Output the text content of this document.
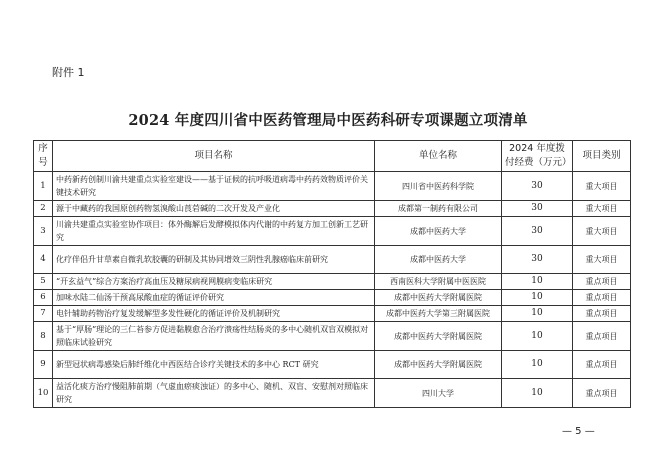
附件 1
2024 年度四川省中医药管理局中医药科研专项课题立项清单
序号	项目名称	单位名称	2024 年度拨付经费（万元）	项目类别
1	中药新药创制川渝共建重点实验室建设——基于证候的抗呼吸道病毒中药药效物质评价关键技术研究	四川省中医药科学院	30	重大项目
2	源于中藏药的我国原创药物氢溴酸山莨菪碱的二次开发及产业化	成都第一制药有限公司	30	重大项目
3	川渝共建重点实验室协作项目：体外酶解后发酵模拟体内代谢的中药复方加工创新工艺研究	成都中医药大学	30	重大项目
4	化疗伴侣升甘草素自微乳软胶囊的研制及其协同增效三阴性乳腺癌临床前研究	成都中医药大学	30	重大项目
5	“开玄益气”综合方案治疗高血压及糖尿病视网膜病变临床研究	西南医科大学附属中医医院	10	重点项目
6	加味水陆二仙汤干预高尿酸血症的循证评价研究	成都中医药大学附属医院	10	重点项目
7	电针辅助药物治疗复发缓解型多发性硬化的循证评价及机制研究	成都中医药大学第三附属医院	10	重点项目
8	基于“厚肠”理论的三仁苔参方促进黏膜愈合治疗溃疡性结肠炎的多中心随机双盲双模拟对照临床试验研究	成都中医药大学附属医院	10	重点项目
9	新型冠状病毒感染后肺纤维化中西医结合诊疗关键技术的多中心 RCT 研究	成都中医药大学附属医院	10	重点项目
10	益活化痰方治疗慢阻肺前期（气虚血瘀痰浊证）的多中心、随机、双盲、安慰剂对照临床研究	四川大学	10	重点项目
— 5 —
